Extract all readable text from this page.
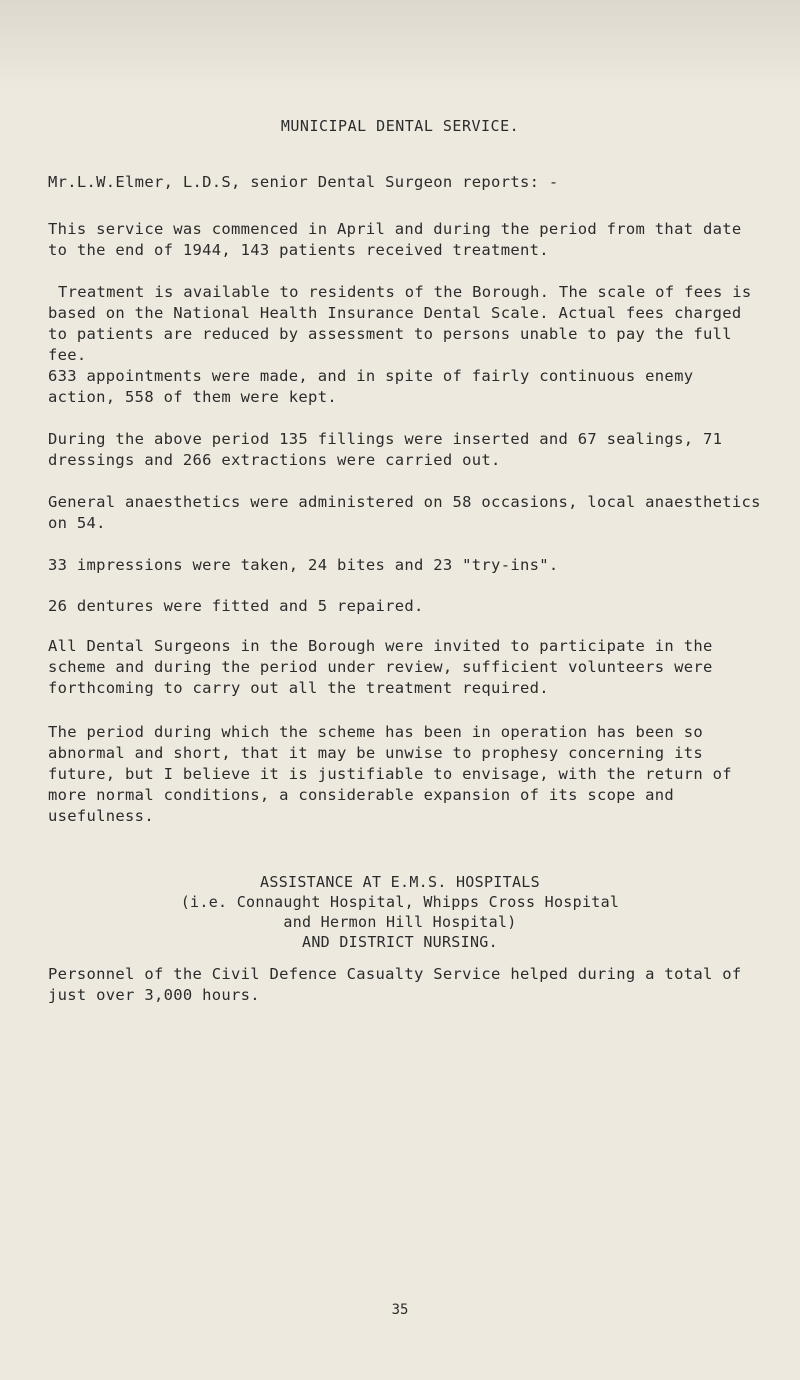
MUNICIPAL DENTAL SERVICE.

Mr.L.W.Elmer, L.D.S, senior Dental Surgeon reports: -

This service was commenced in April and during the period from that date to the end of 1944, 143 patients received treatment.

Treatment is available to residents of the Borough. The scale of fees is based on the National Health Insurance Dental Scale. Actual fees charged to patients are reduced by assessment to persons unable to pay the full fee.

633 appointments were made, and in spite of fairly continuous enemy action, 558 of them were kept.

During the above period 135 fillings were inserted and 67 sealings, 71 dressings and 266 extractions were carried out.

General anaesthetics were administered on 58 occasions, local anaesthetics on 54.

33 impressions were taken, 24 bites and 23 "try-ins".

26 dentures were fitted and 5 repaired.

All Dental Surgeons in the Borough were invited to participate in the scheme and during the period under review, sufficient volunteers were forthcoming to carry out all the treatment required.

The period during which the scheme has been in operation has been so abnormal and short, that it may be unwise to prophesy concerning its future, but I believe it is justifiable to envisage, with the return of more normal conditions, a considerable expansion of its scope and usefulness.

ASSISTANCE AT E.M.S. HOSPITALS
(i.e. Connaught Hospital, Whipps Cross Hospital
and Hermon Hill Hospital)
AND DISTRICT NURSING.

Personnel of the Civil Defence Casualty Service helped during a total of just over 3,000 hours.

35
